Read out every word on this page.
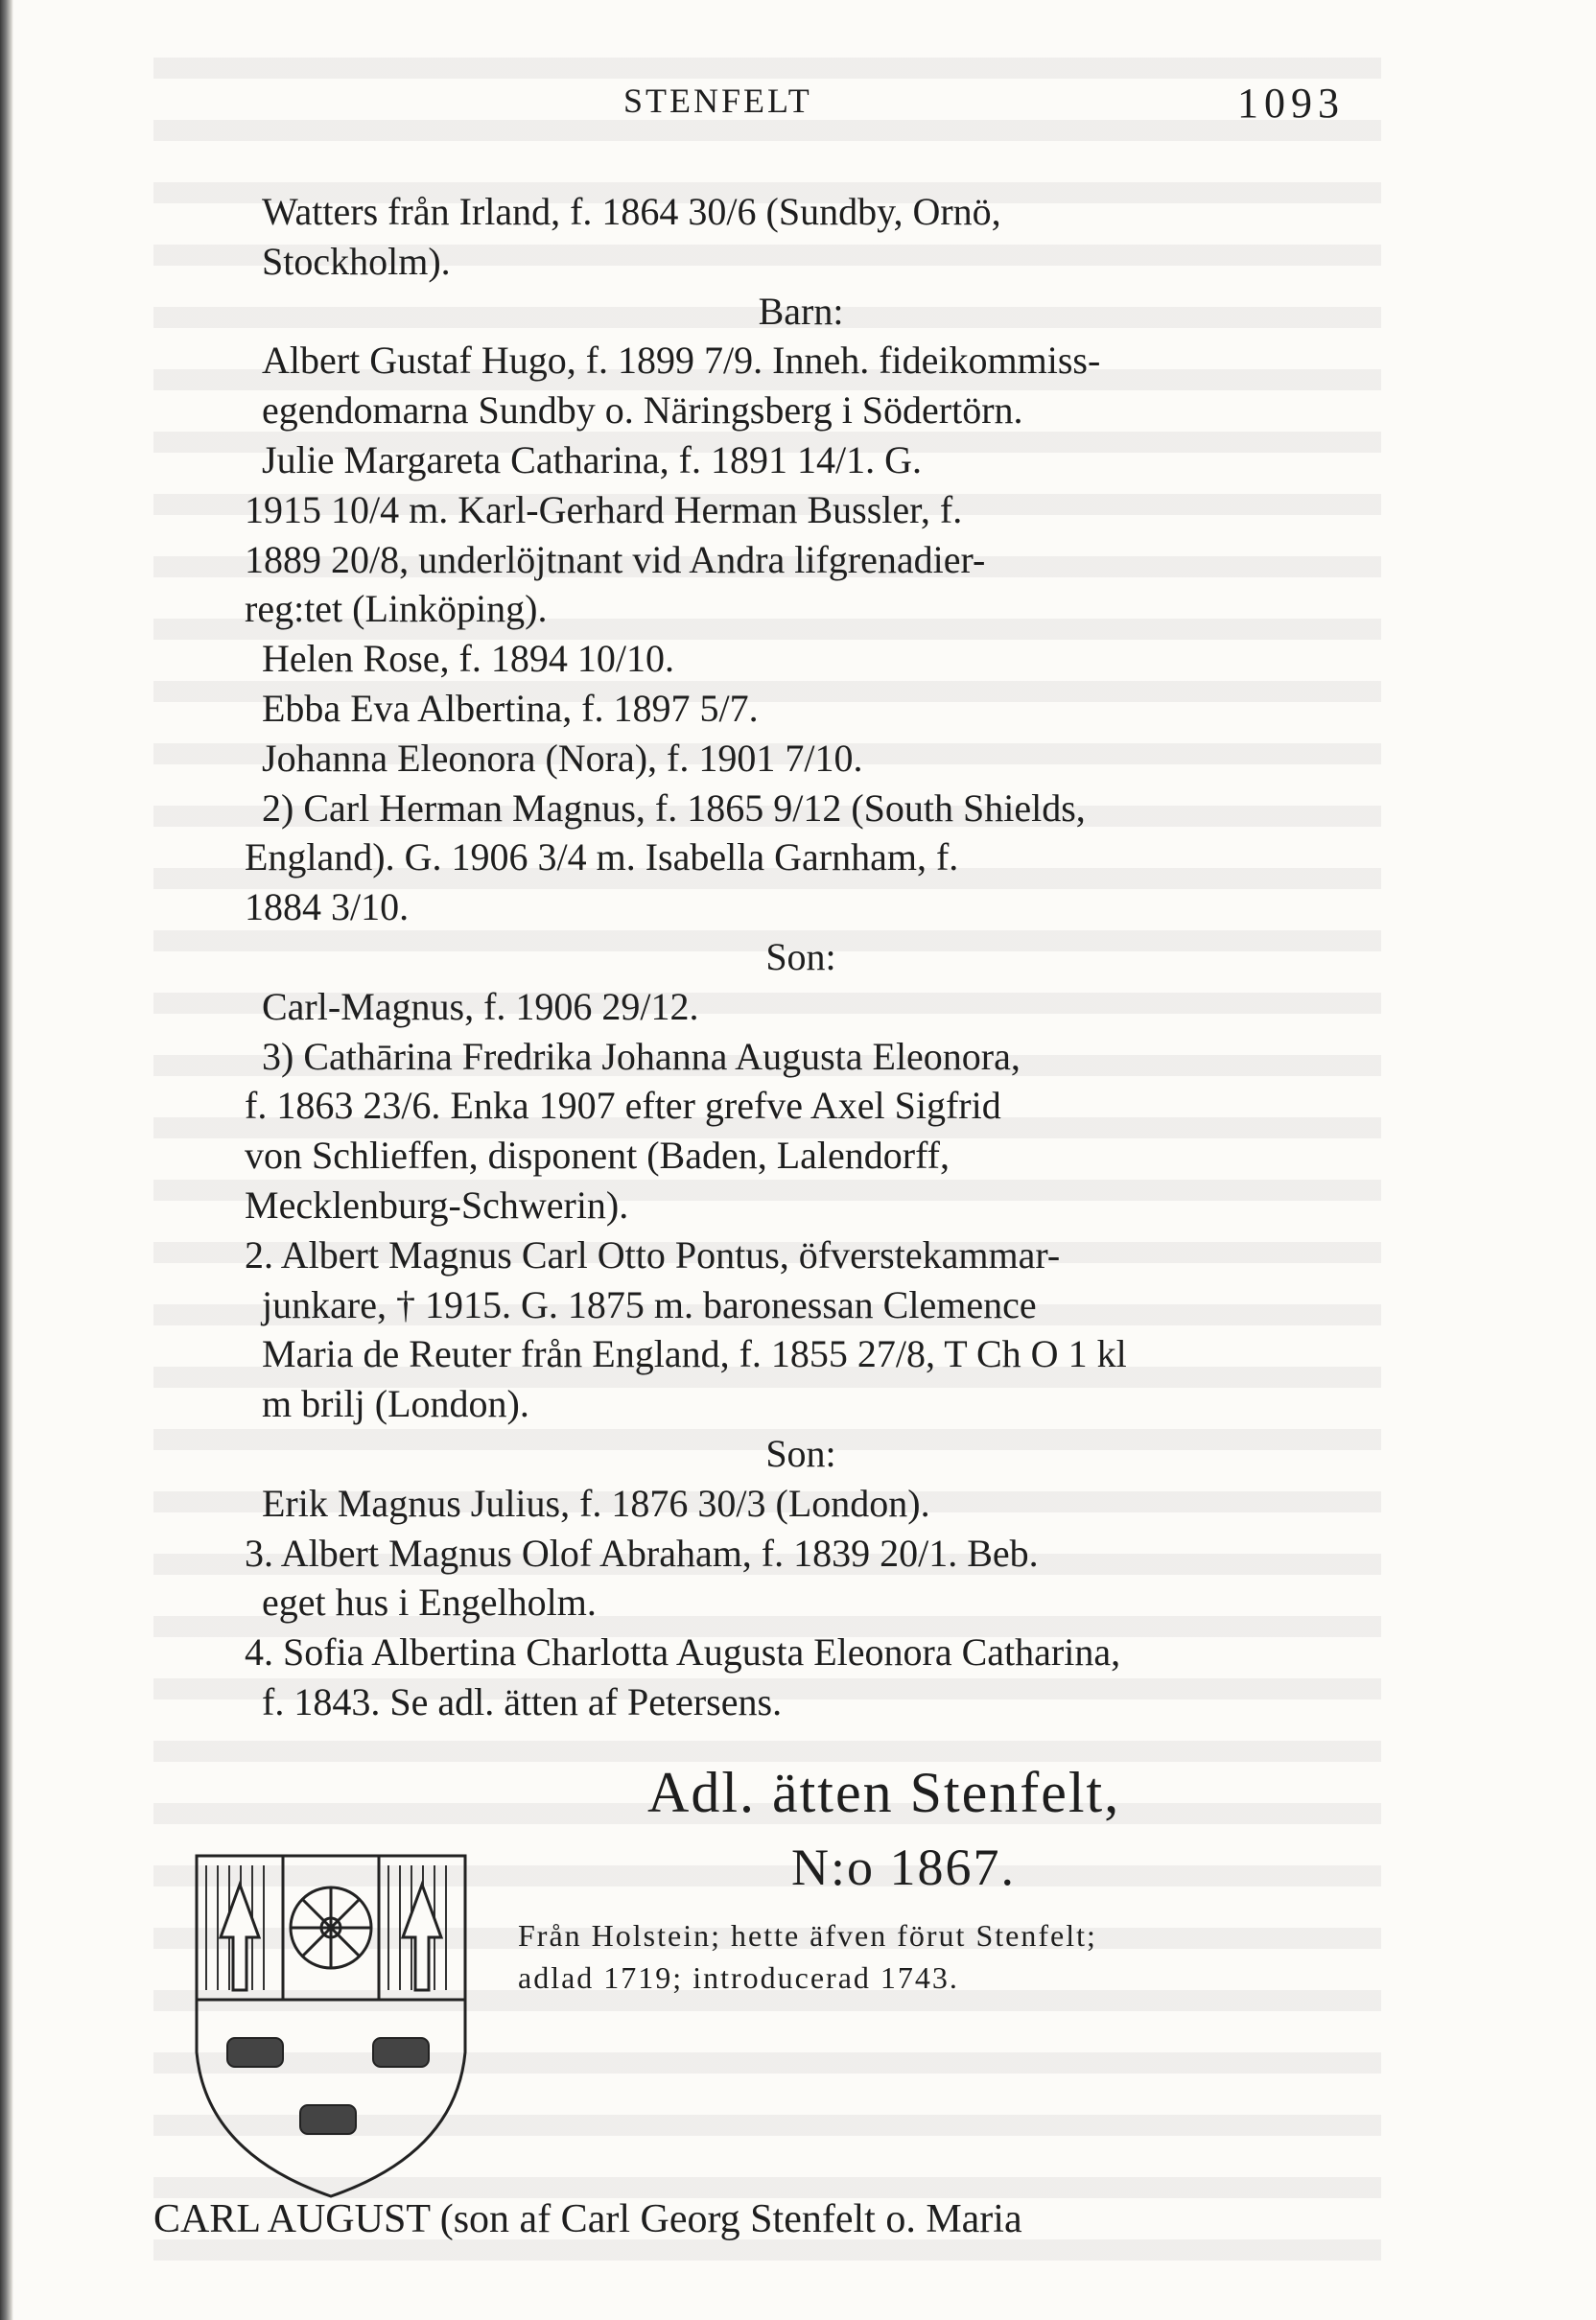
STENFELT	1093
Watters från Irland, f. 1864 30/6 (Sundby, Ornö,
Stockholm).
Barn:
Albert Gustaf Hugo, f. 1899 7/9. Inneh. fideikommiss-
egendomarna Sundby o. Näringsberg i Södertörn.
Julie Margareta Catharina, f. 1891 14/1. G.
1915 10/4 m. Karl-Gerhard Herman Bussler, f.
1889 20/8, underlöjtnant vid Andra lifgrenadier-
reg:tet (Linköping).
Helen Rose, f. 1894 10/10.
Ebba Eva Albertina, f. 1897 5/7.
Johanna Eleonora (Nora), f. 1901 7/10.
2) Carl Herman Magnus, f. 1865 9/12 (South Shields,
England). G. 1906 3/4 m. Isabella Garnham, f.
1884 3/10.
Son:
Carl-Magnus, f. 1906 29/12.
3) Cathārina Fredrika Johanna Augusta Eleonora,
f. 1863 23/6. Enka 1907 efter grefve Axel Sigfrid
von Schlieffen, disponent (Baden, Lalendorff,
Mecklenburg-Schwerin).
2. Albert Magnus Carl Otto Pontus, öfverstekammar-
junkare, † 1915. G. 1875 m. baronessan Clemence
Maria de Reuter från England, f. 1855 27/8, T Ch O 1 kl
m brilj (London).
Son:
Erik Magnus Julius, f. 1876 30/3 (London).
3. Albert Magnus Olof Abraham, f. 1839 20/1. Beb.
eget hus i Engelholm.
4. Sofia Albertina Charlotta Augusta Eleonora Catharina,
f. 1843. Se adl. ätten af Petersens.
Adl. ätten Stenfelt,
N:o 1867.
Från Holstein; hette äfven förut Stenfelt;
adlad 1719; introducerad 1743.
CARL AUGUST (son af Carl Georg Stenfelt o. Maria
